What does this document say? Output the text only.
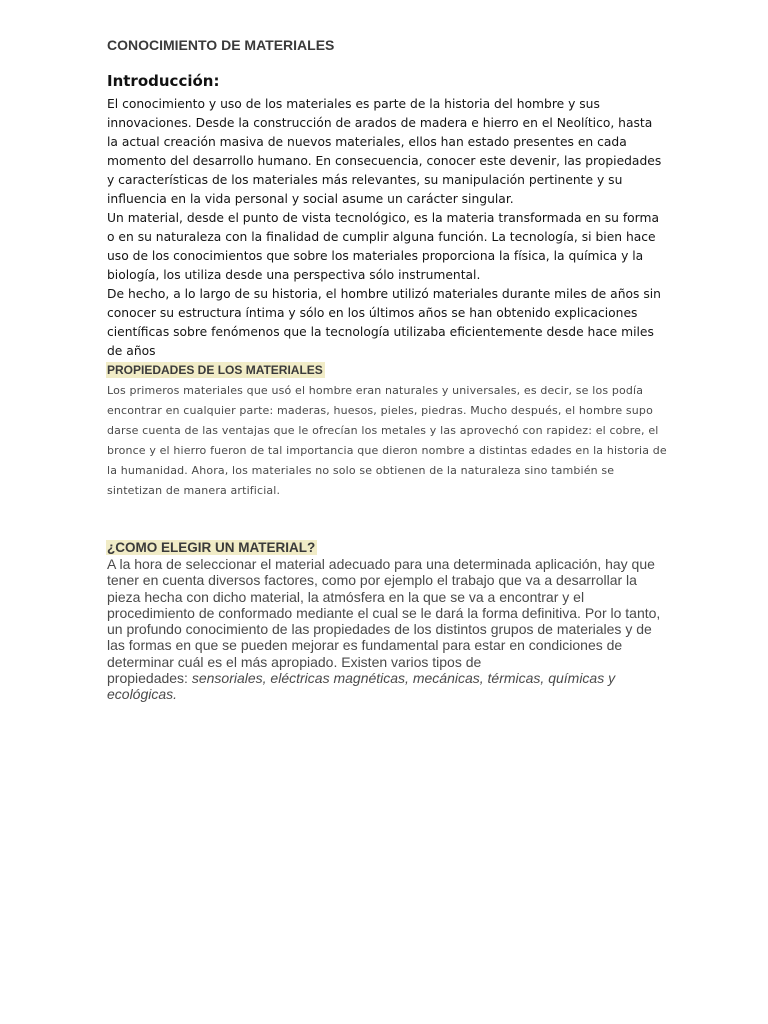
CONOCIMIENTO DE MATERIALES
Introducción:

El conocimiento y uso de los materiales es parte de la historia del hombre y sus innovaciones. Desde la construcción de arados de madera e hierro en el Neolítico, hasta la actual creación masiva de nuevos materiales, ellos han estado presentes en cada momento del desarrollo humano. En consecuencia, conocer este devenir, las propiedades y características de los materiales más relevantes, su manipulación pertinente y su influencia en la vida personal y social asume un carácter singular.

Un material, desde el punto de vista tecnológico, es la materia transformada en su forma o en su naturaleza con la finalidad de cumplir alguna función. La tecnología, si bien hace uso de los conocimientos que sobre los materiales proporciona la física, la química y la biología, los utiliza desde una perspectiva sólo instrumental.

De hecho, a lo largo de su historia, el hombre utilizó materiales durante miles de años sin conocer su estructura íntima y sólo en los últimos años se han obtenido explicaciones científicas sobre fenómenos que la tecnología utilizaba eficientemente desde hace miles de años

PROPIEDADES DE LOS MATERIALES

Los primeros materiales que usó el hombre eran naturales y universales, es decir, se los podía encontrar en cualquier parte: maderas, huesos, pieles, piedras. Mucho después, el hombre supo darse cuenta de las ventajas que le ofrecían los metales y las aprovechó con rapidez: el cobre, el bronce y el hierro fueron de tal importancia que dieron nombre a distintas edades en la historia de la humanidad. Ahora, los materiales no solo se obtienen de la naturaleza sino también se sintetizan de manera artificial.

¿COMO ELEGIR UN MATERIAL?

A la hora de seleccionar el material adecuado para una determinada aplicación, hay que tener en cuenta diversos factores, como por ejemplo el trabajo que va a desarrollar la pieza hecha con dicho material, la atmósfera en la que se va a encontrar y el procedimiento de conformado mediante el cual se le dará la forma definitiva. Por lo tanto, un profundo conocimiento de las propiedades de los distintos grupos de materiales y de las formas en que se pueden mejorar es fundamental para estar en condiciones de determinar cuál es el más apropiado. Existen varios tipos de
propiedades: sensoriales, eléctricas magnéticas, mecánicas, térmicas, químicas y ecológicas.
